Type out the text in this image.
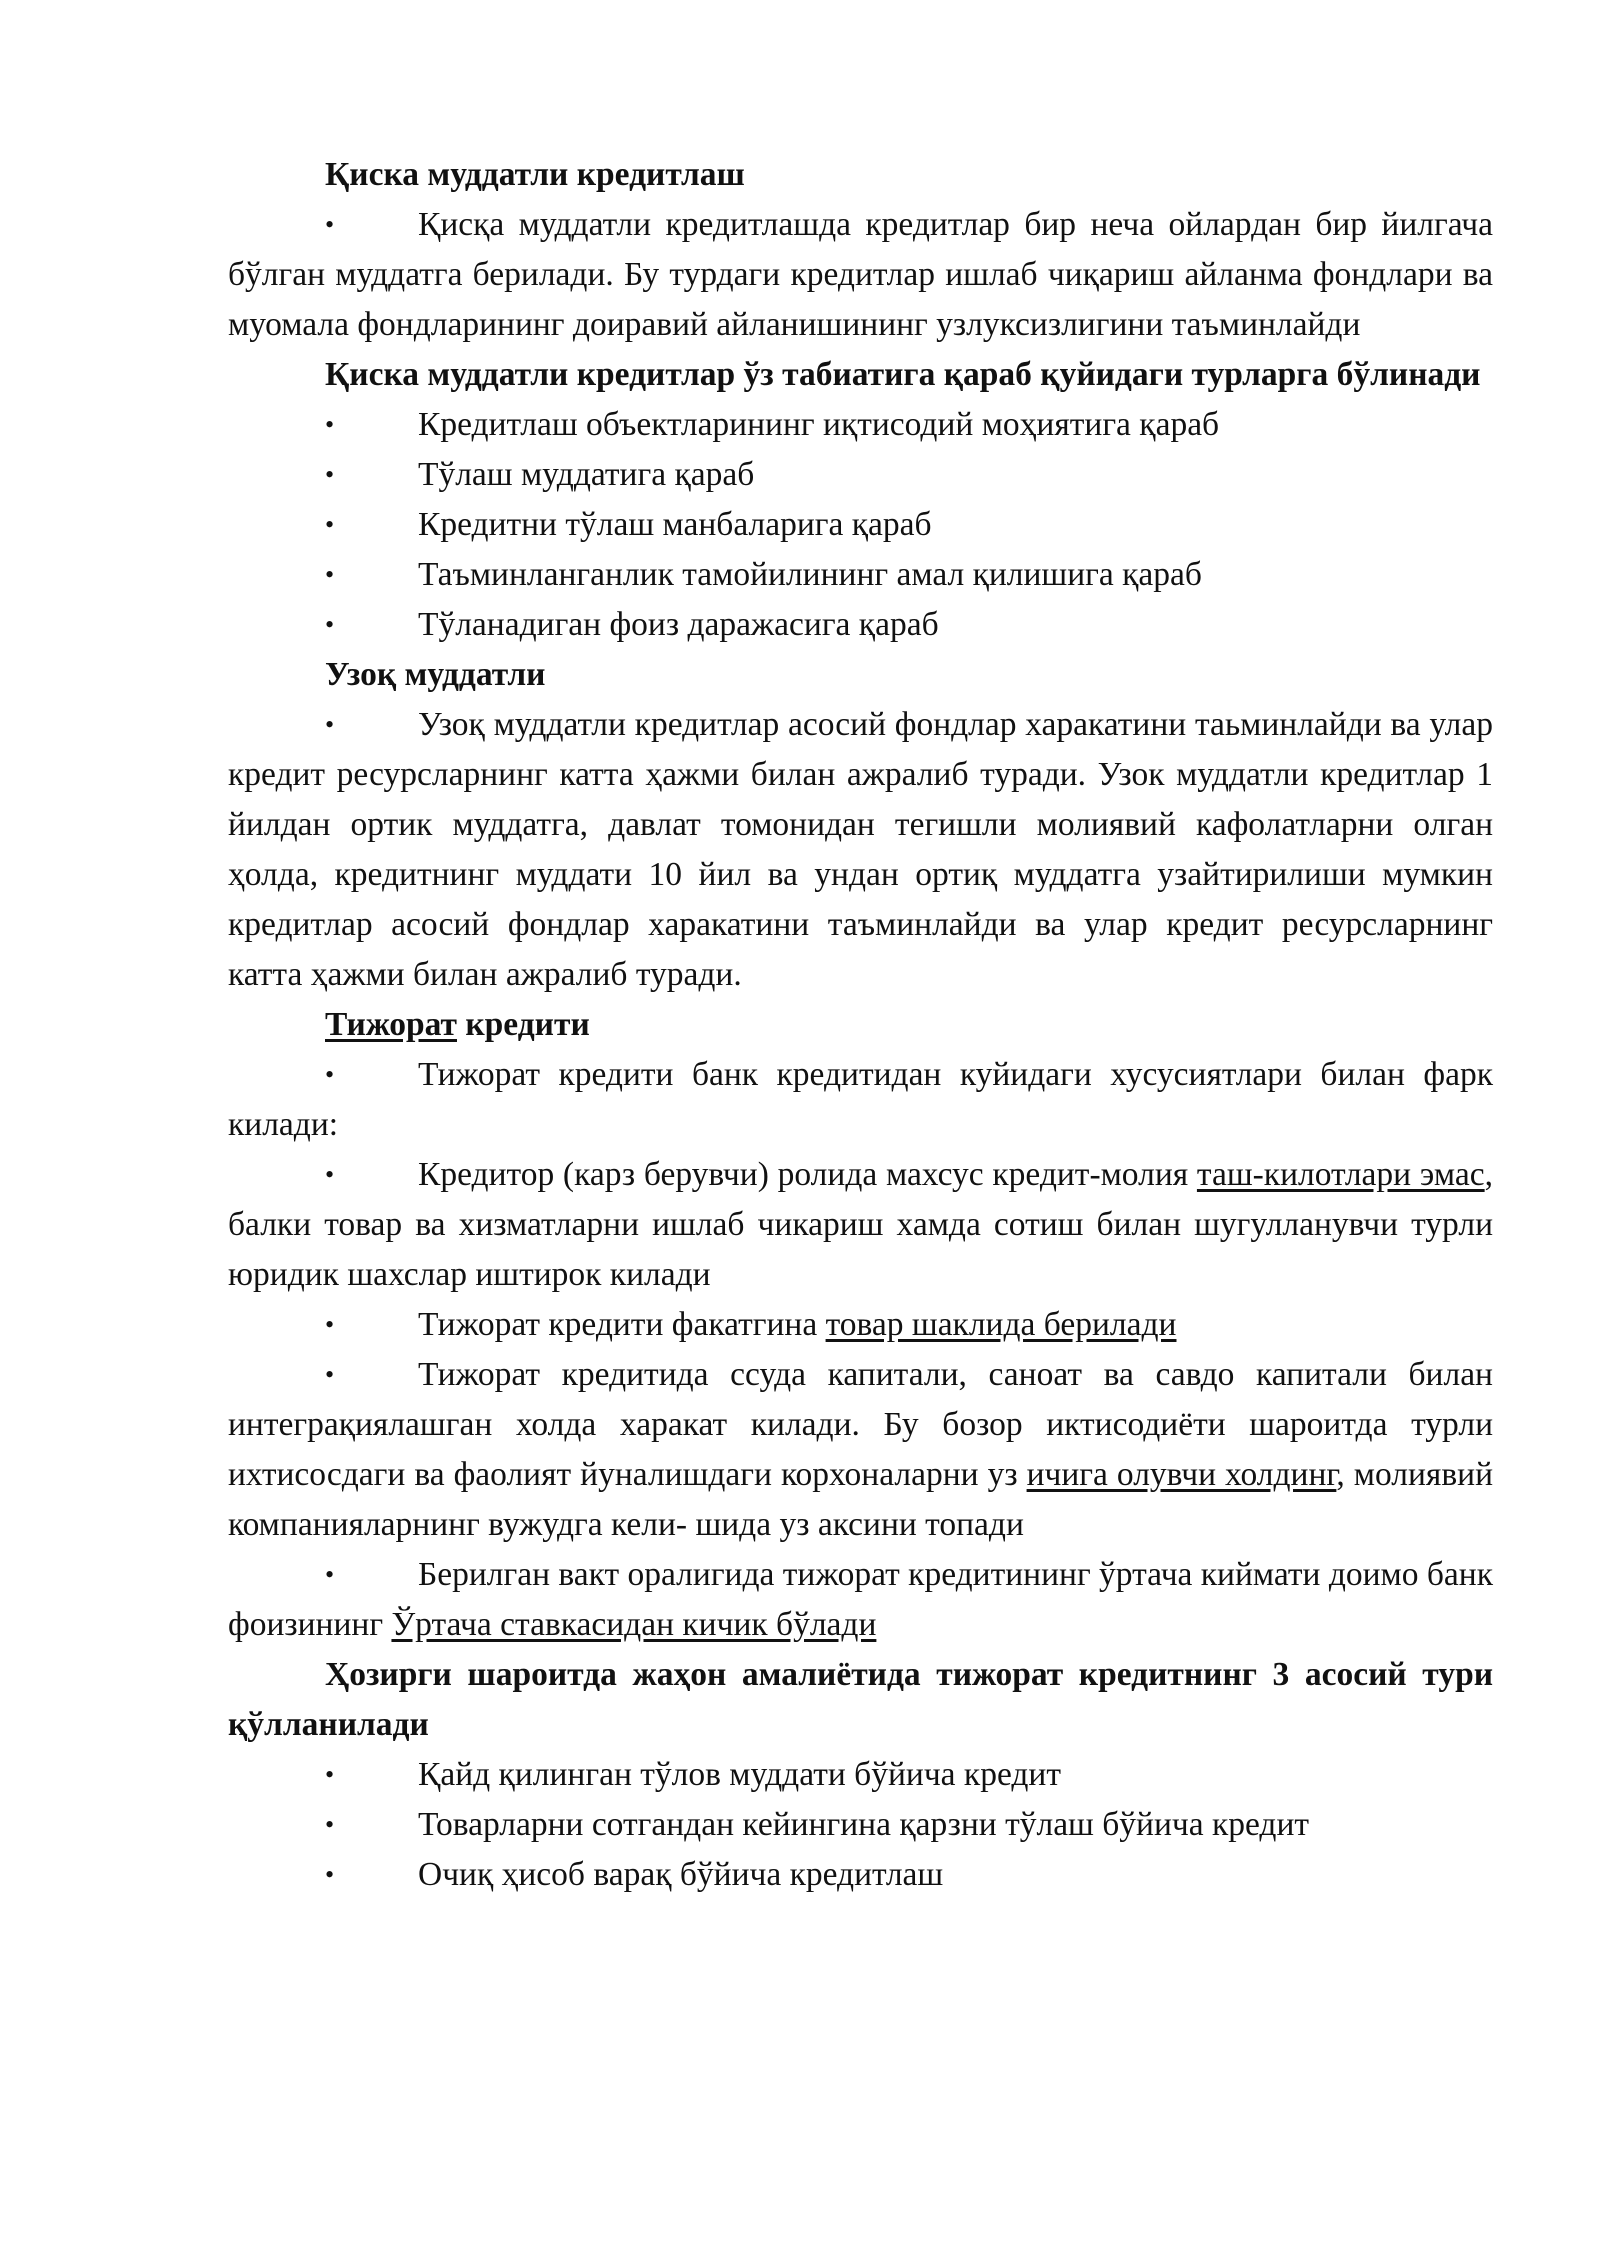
Қиска муддатли кредитлаш
•	Қисқа муддатли кредитлашда кредитлар бир неча ойлардан бир йилгача бўлган муддатга берилади. Бу турдаги кредитлар ишлаб чиқариш айланма фондлари ва муомала фондларининг доиравий айланишининг узлуксизлигини таъминлайди
Қиска муддатли кредитлар ўз табиатига қараб қуйидаги турларга бўлинади
•	Кредитлаш объектларининг иқтисодий моҳиятига қараб
•	Тўлаш муддатига қараб
•	Кредитни тўлаш манбаларига қараб
•	Таъминланганлик тамойилининг амал қилишига қараб
•	Тўланадиган фоиз даражасига қараб
Узоқ муддатли
•	Узоқ муддатли кредитлар асосий фондлар харакатини таьминлайди ва улар кредит ресурсларнинг катта ҳажми билан ажралиб туради. Узок муддатли кредитлар 1 йилдан ортик муддатга, давлат томонидан тегишли молиявий кафолатларни олган ҳолда, кредитнинг муддати 10 йил ва ундан ортиқ муддатга узайтирилиши мумкин кредитлар асосий фондлар харакатини таъминлайди ва улар кредит ресурсларнинг катта ҳажми билан ажралиб туради.
Тижорат кредити
•	Тижорат кредити банк кредитидан куйидаги хусусиятлари билан фарк килади:
•	Кредитор (карз берувчи) ролида махсус кредит-молия таш-килотлари эмас, балки товар ва хизматларни ишлаб чикариш хамда сотиш билан шугулланувчи турли юридик шахслар иштирок килади
•	Тижорат кредити факатгина товар шаклида берилади
•	Тижорат кредитида ссуда капитали, саноат ва савдо капитали билан интеграқиялашган холда харакат килади. Бу бозор иктисодиёти шароитда турли ихтисосдаги ва фаолият йуналишдаги корхоналарни уз ичига олувчи холдинг, молиявий компанияларнинг вужудга кели- шида уз аксини топади
•	Берилган вакт оралигида тижорат кредитининг ўртача киймати доимо банк фоизининг Ўртача ставкасидан кичик бўлади
Ҳозирги шароитда жаҳон амалиётида тижорат кредитнинг 3 асосий тури қўлланилади
•	Қайд қилинган тўлов муддати бўйича кредит
•	Товарларни сотгандан кейингина қарзни тўлаш бўйича кредит
•	Очиқ ҳисоб варақ бўйича кредитлаш
